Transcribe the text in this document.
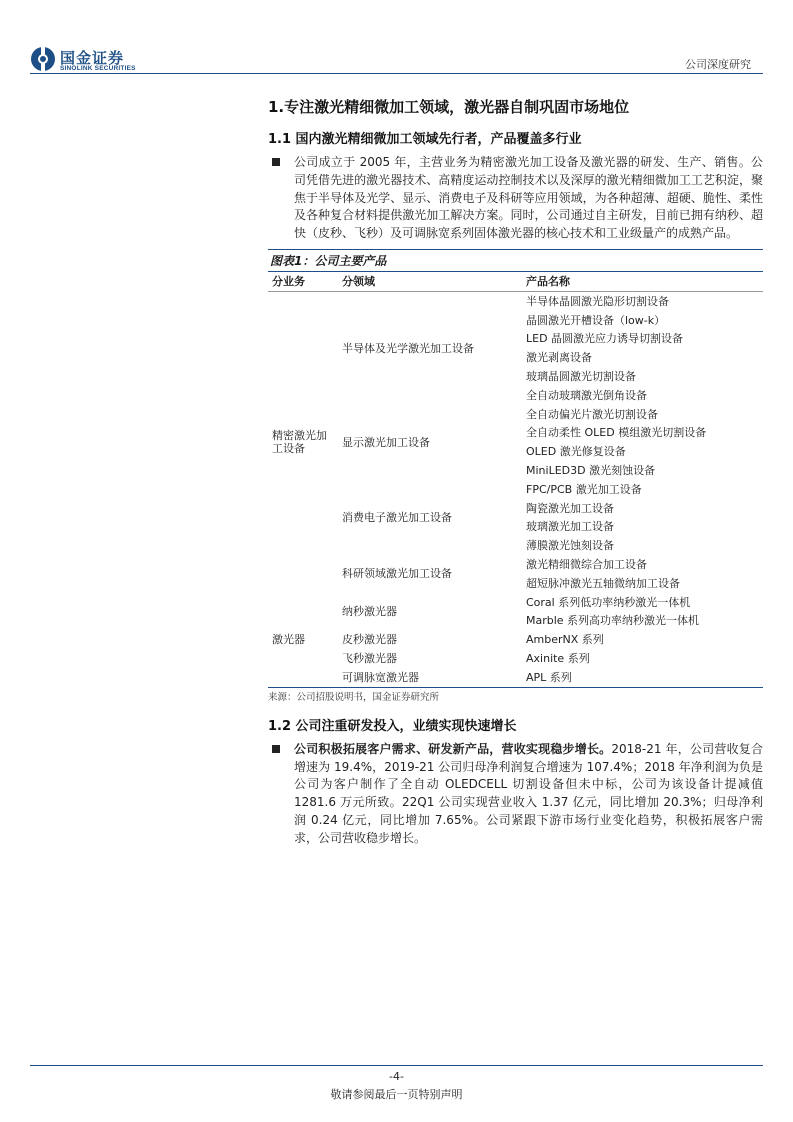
国金证券
SINOLINK SECURITIES	公司深度研究
1.专注激光精细微加工领域，激光器自制巩固市场地位
1.1 国内激光精细微加工领域先行者，产品覆盖多行业
公司成立于 2005 年，主营业务为精密激光加工设备及激光器的研发、生产、销售。公司凭借先进的激光器技术、高精度运动控制技术以及深厚的激光精细微加工工艺积淀，聚焦于半导体及光学、显示、消费电子及科研等应用领域，为各种超薄、超硬、脆性、柔性及各种复合材料提供激光加工解决方案。同时，公司通过自主研发，目前已拥有纳秒、超快（皮秒、飞秒）及可调脉宽系列固体激光器的核心技术和工业级量产的成熟产品。
图表1：公司主要产品
分业务	分领域	产品名称
精密激光加工设备	半导体及光学激光加工设备	半导体晶圆激光隐形切割设备
		晶圆激光开槽设备（low-k）
		LED 晶圆激光应力诱导切割设备
		激光剥离设备
		玻璃晶圆激光切割设备
		全自动玻璃激光倒角设备
	显示激光加工设备	全自动偏光片激光切割设备
		全自动柔性 OLED 模组激光切割设备
		OLED 激光修复设备
		MiniLED3D 激光刻蚀设备
	消费电子激光加工设备	FPC/PCB 激光加工设备
		陶瓷激光加工设备
		玻璃激光加工设备
		薄膜激光蚀刻设备
	科研领域激光加工设备	激光精细微综合加工设备
		超短脉冲激光五轴微纳加工设备
激光器	纳秒激光器	Coral 系列低功率纳秒激光一体机
		Marble 系列高功率纳秒激光一体机
	皮秒激光器	AmberNX 系列
	飞秒激光器	Axinite 系列
	可调脉宽激光器	APL 系列
来源：公司招股说明书，国金证券研究所
1.2 公司注重研发投入，业绩实现快速增长
公司积极拓展客户需求、研发新产品，营收实现稳步增长。2018-21 年，公司营收复合增速为 19.4%，2019-21 公司归母净利润复合增速为 107.4%；2018 年净利润为负是公司为客户制作了全自动 OLEDCELL 切割设备但未中标，公司为该设备计提减值 1281.6 万元所致。22Q1 公司实现营业收入 1.37 亿元，同比增加 20.3%；归母净利润 0.24 亿元，同比增加 7.65%。公司紧跟下游市场行业变化趋势，积极拓展客户需求，公司营收稳步增长。
-4-
敬请参阅最后一页特别声明
